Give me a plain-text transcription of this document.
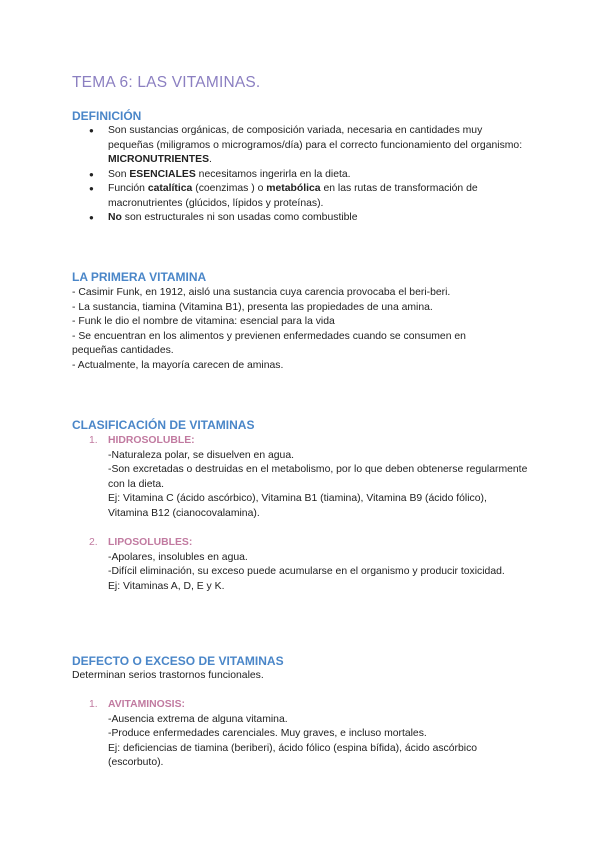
TEMA 6: LAS VITAMINAS.
DEFINICIÓN
● Son sustancias orgánicas, de composición variada, necesaria en cantidades muy pequeñas (miligramos o microgramos/día) para el correcto funcionamiento del organismo: MICRONUTRIENTES.
● Son ESENCIALES necesitamos ingerirla en la dieta.
● Función catalítica (coenzimas ) o metabólica en las rutas de transformación de macronutrientes (glúcidos, lípidos y proteínas).
● No son estructurales ni son usadas como combustible
LA PRIMERA VITAMINA
- Casimir Funk, en 1912, aisló una sustancia cuya carencia provocaba el beri-beri.
- La sustancia, tiamina (Vitamina B1), presenta las propiedades de una amina.
- Funk le dio el nombre de vitamina: esencial para la vida
- Se encuentran en los alimentos y previenen enfermedades cuando se consumen en pequeñas cantidades.
- Actualmente, la mayoría carecen de aminas.
CLASIFICACIÓN DE VITAMINAS
1. HIDROSOLUBLE:
-Naturaleza polar, se disuelven en agua.
-Son excretadas o destruidas en el metabolismo, por lo que deben obtenerse regularmente con la dieta.
Ej: Vitamina C (ácido ascórbico), Vitamina B1 (tiamina), Vitamina B9 (ácido fólico), Vitamina B12 (cianocovalamina).
2. LIPOSOLUBLES:
-Apolares, insolubles en agua.
-Difícil eliminación, su exceso puede acumularse en el organismo y producir toxicidad.
Ej: Vitaminas A, D, E y K.
DEFECTO O EXCESO DE VITAMINAS
Determinan serios trastornos funcionales.
1. AVITAMINOSIS:
-Ausencia extrema de alguna vitamina.
-Produce enfermedades carenciales. Muy graves, e incluso mortales.
Ej: deficiencias de tiamina (beriberi), ácido fólico (espina bífida), ácido ascórbico (escorbuto).
